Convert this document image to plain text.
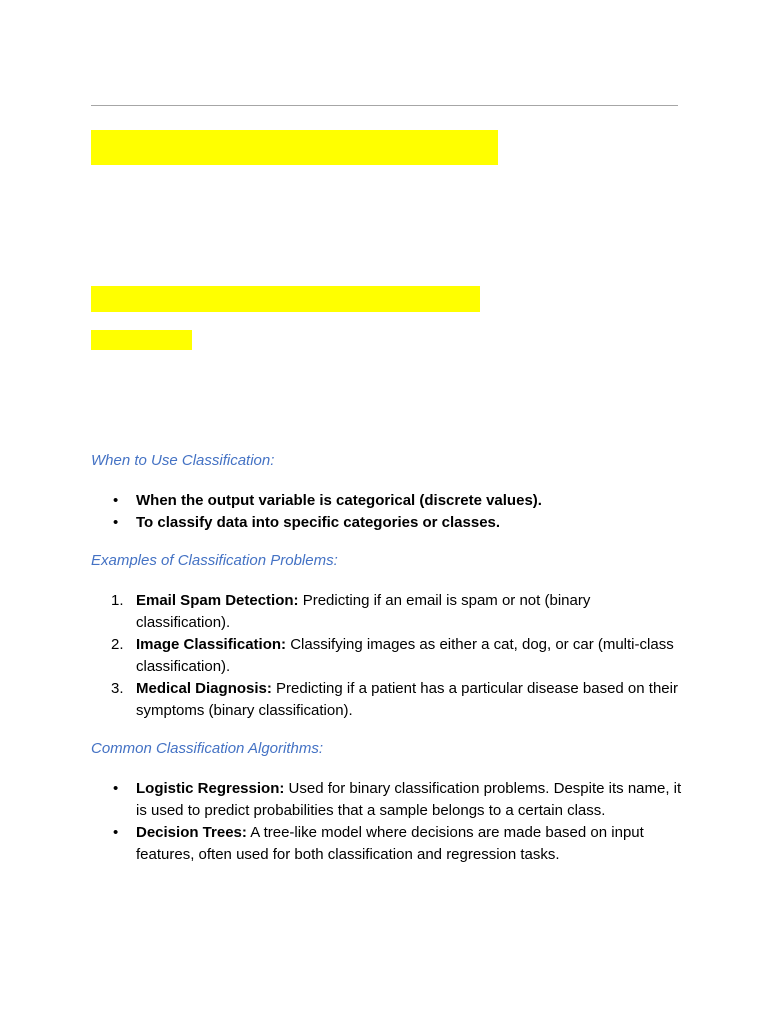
When to Use Classification:

• When the output variable is categorical (discrete values).
• To classify data into specific categories or classes.

Examples of Classification Problems:

1. Email Spam Detection: Predicting if an email is spam or not (binary classification).
2. Image Classification: Classifying images as either a cat, dog, or car (multi-class classification).
3. Medical Diagnosis: Predicting if a patient has a particular disease based on their symptoms (binary classification).

Common Classification Algorithms:

• Logistic Regression: Used for binary classification problems. Despite its name, it is used to predict probabilities that a sample belongs to a certain class.
• Decision Trees: A tree-like model where decisions are made based on input features, often used for both classification and regression tasks.
